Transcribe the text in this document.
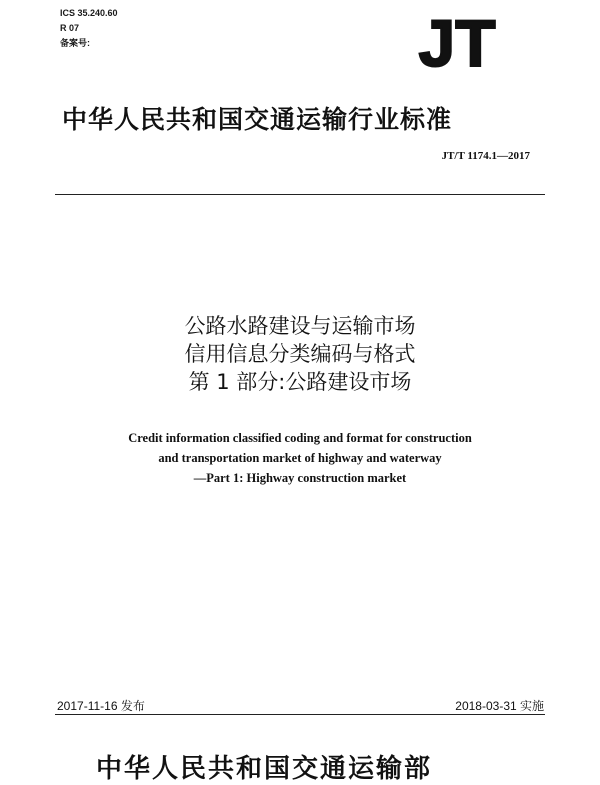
ICS 35.240.60
R 07
备案号:	JT
中华人民共和国交通运输行业标准
JT/T 1174.1—2017
公路水路建设与运输市场
信用信息分类编码与格式
第 1 部分:公路建设市场
Credit information classified coding and format for construction
and transportation market of highway and waterway
—Part 1: Highway construction market
2017-11-16 发布	2018-03-31 实施
中华人民共和国交通运输部
